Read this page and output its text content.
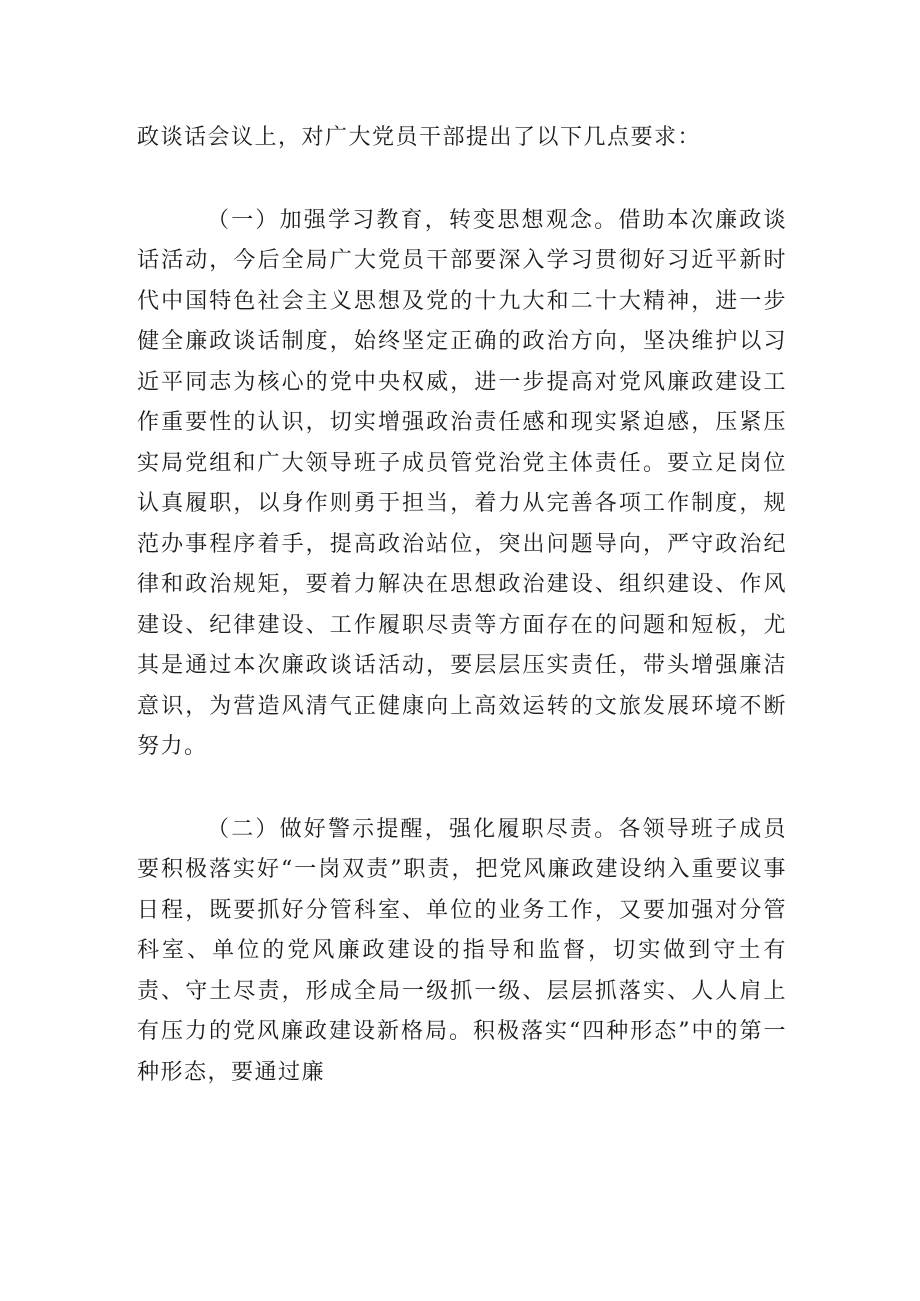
政谈话会议上，对广大党员干部提出了以下几点要求：

（一）加强学习教育，转变思想观念。借助本次廉政谈话活动，今后全局广大党员干部要深入学习贯彻好习近平新时代中国特色社会主义思想及党的十九大和二十大精神，进一步健全廉政谈话制度，始终坚定正确的政治方向，坚决维护以习近平同志为核心的党中央权威，进一步提高对党风廉政建设工作重要性的认识，切实增强政治责任感和现实紧迫感，压紧压实局党组和广大领导班子成员管党治党主体责任。要立足岗位认真履职，以身作则勇于担当，着力从完善各项工作制度，规范办事程序着手，提高政治站位，突出问题导向，严守政治纪律和政治规矩，要着力解决在思想政治建设、组织建设、作风建设、纪律建设、工作履职尽责等方面存在的问题和短板，尤其是通过本次廉政谈话活动，要层层压实责任，带头增强廉洁意识，为营造风清气正健康向上高效运转的文旅发展环境不断努力。

（二）做好警示提醒，强化履职尽责。各领导班子成员要积极落实好“一岗双责”职责，把党风廉政建设纳入重要议事日程，既要抓好分管科室、单位的业务工作，又要加强对分管科室、单位的党风廉政建设的指导和监督，切实做到守土有责、守土尽责，形成全局一级抓一级、层层抓落实、人人肩上有压力的党风廉政建设新格局。积极落实“四种形态”中的第一种形态，要通过廉
